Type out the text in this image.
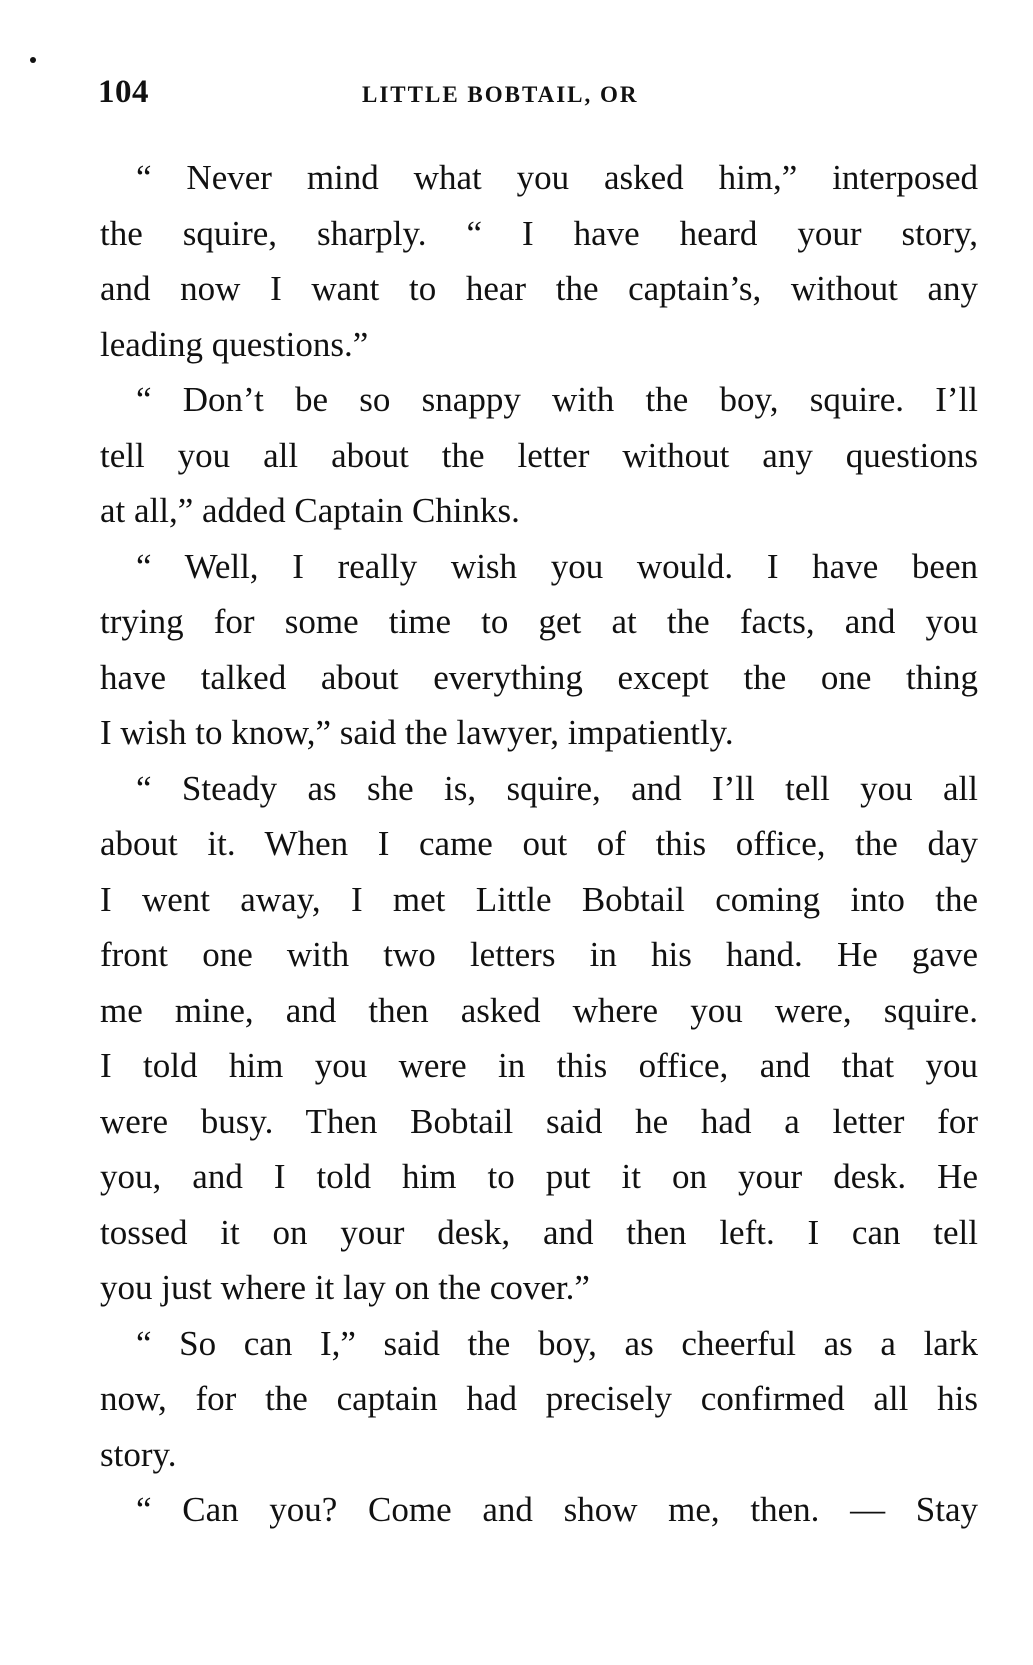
104	LITTLE BOBTAIL, OR
“ Never mind what you asked him,” interposed
the squire, sharply. “ I have heard your story,
and now I want to hear the captain’s, without any
leading questions.”
“ Don’t be so snappy with the boy, squire. I’ll
tell you all about the letter without any questions
at all,” added Captain Chinks.
“ Well, I really wish you would. I have been
trying for some time to get at the facts, and you
have talked about everything except the one thing
I wish to know,” said the lawyer, impatiently.
“ Steady as she is, squire, and I’ll tell you all
about it. When I came out of this office, the day
I went away, I met Little Bobtail coming into the
front one with two letters in his hand. He gave
me mine, and then asked where you were, squire.
I told him you were in this office, and that you
were busy. Then Bobtail said he had a letter for
you, and I told him to put it on your desk. He
tossed it on your desk, and then left. I can tell
you just where it lay on the cover.”
“ So can I,” said the boy, as cheerful as a lark
now, for the captain had precisely confirmed all his
story.
“ Can you? Come and show me, then. — Stay
